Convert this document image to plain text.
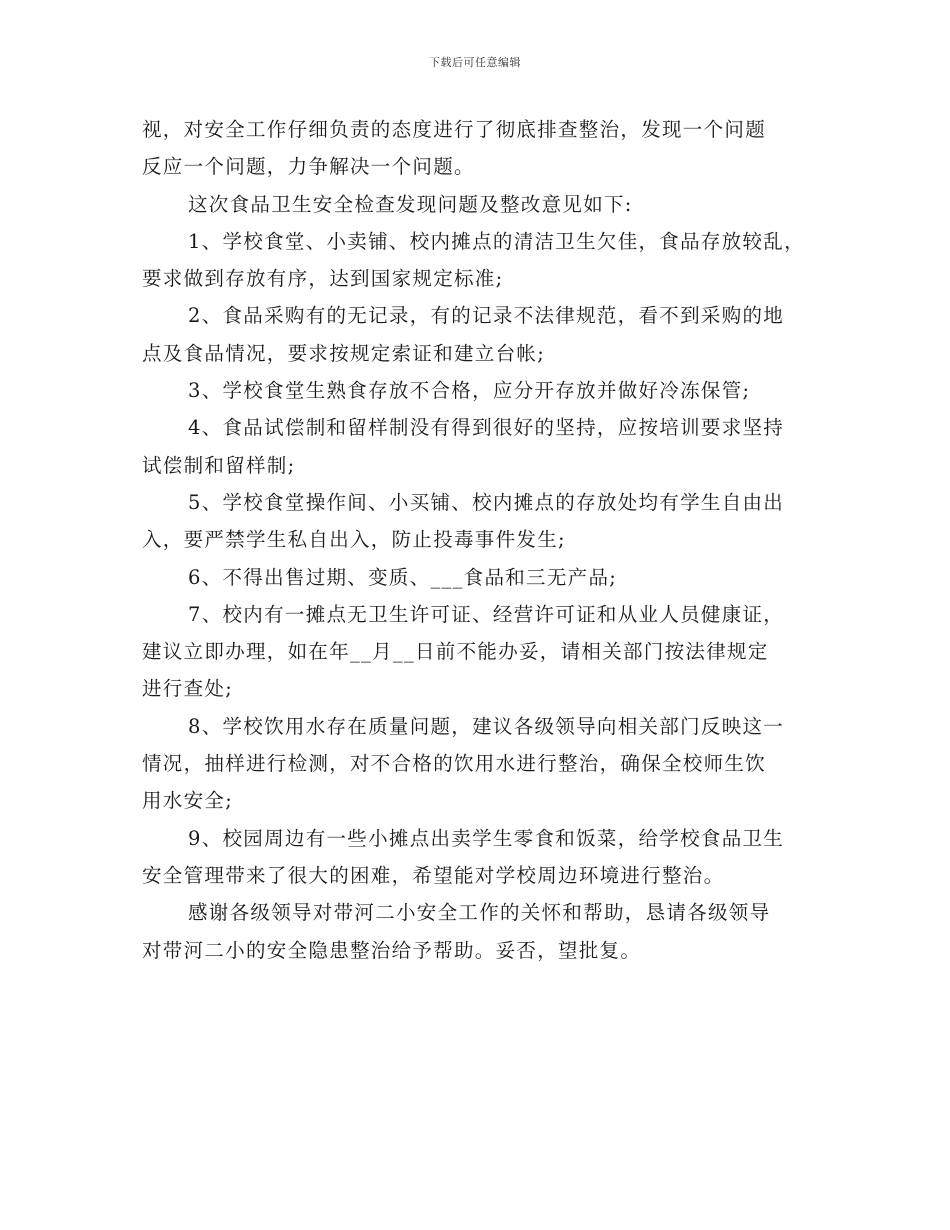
下载后可任意编辑

视，对安全工作仔细负责的态度进行了彻底排查整治，发现一个问题
反应一个问题，力争解决一个问题。

这次食品卫生安全检查发现问题及整改意见如下:

1、学校食堂、小卖铺、校内摊点的清洁卫生欠佳，食品存放较乱，
要求做到存放有序，达到国家规定标准;

2、食品采购有的无记录，有的记录不法律规范，看不到采购的地
点及食品情况，要求按规定索证和建立台帐;

3、学校食堂生熟食存放不合格，应分开存放并做好冷冻保管;

4、食品试偿制和留样制没有得到很好的坚持，应按培训要求坚持
试偿制和留样制;

5、学校食堂操作间、小买铺、校内摊点的存放处均有学生自由出
入，要严禁学生私自出入，防止投毒事件发生;

6、不得出售过期、变质、___食品和三无产品;

7、校内有一摊点无卫生许可证、经营许可证和从业人员健康证，
建议立即办理，如在年__月__日前不能办妥，请相关部门按法律规定
进行查处;

8、学校饮用水存在质量问题，建议各级领导向相关部门反映这一
情况，抽样进行检测，对不合格的饮用水进行整治，确保全校师生饮
用水安全;

9、校园周边有一些小摊点出卖学生零食和饭菜，给学校食品卫生
安全管理带来了很大的困难，希望能对学校周边环境进行整治。

感谢各级领导对带河二小安全工作的关怀和帮助，恳请各级领导
对带河二小的安全隐患整治给予帮助。妥否，望批复。
